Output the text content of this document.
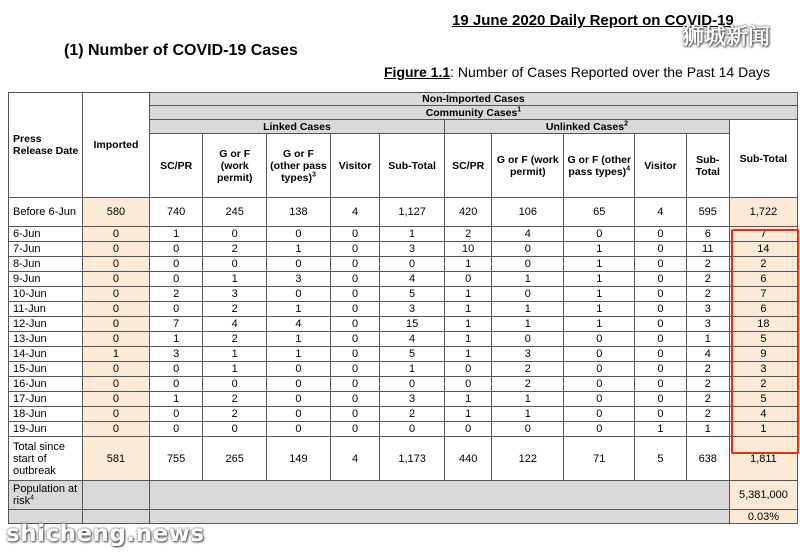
19 June 2020 Daily Report on COVID-19
(1) Number of COVID-19 Cases
Figure 1.1: Number of Cases Reported over the Past 14 Days
Press Release Date	Imported	Non-Imported Cases										
		Community Cases$^1$
		Linked Cases					Unlinked Cases$^2$					Sub-Total
		SC/PR	G or F (work permit)	G or F (other pass types)$^3$	Visitor	Sub-Total	SC/PR	G or F (work permit)	G or F (other pass types)$^4$	Visitor	Sub-Total	
Before 6-Jun	580	740	245	138	4	1,127	420	106	65	4	595	1,722
6-Jun	0	1	0	0	0	1	2	4	0	0	6	7
7-Jun	0	0	2	1	0	3	10	0	1	0	11	14
8-Jun	0	0	0	0	0	0	1	0	1	0	2	2
9-Jun	0	0	1	3	0	4	0	1	1	0	2	6
10-Jun	0	2	3	0	0	5	1	0	1	0	2	7
11-Jun	0	0	2	1	0	3	1	1	1	0	3	6
12-Jun	0	7	4	4	0	15	1	1	1	0	3	18
13-Jun	0	1	2	1	0	4	1	0	0	0	1	5
14-Jun	1	3	1	1	0	5	1	3	0	0	4	9
15-Jun	0	0	1	0	0	1	0	2	0	0	2	3
16-Jun	0	0	0	0	0	0	0	2	0	0	2	2
17-Jun	0	1	2	0	0	3	1	1	0	0	2	5
18-Jun	0	0	2	0	0	2	1	1	0	0	2	4
19-Jun	0	0	0	0	0	0	0	0	0	1	1	1
Total since start of outbreak	581	755	265	149	4	1,173	440	122	71	5	638	1,811
Population at risk$^4$												5,381,000
												0.03%
狮城新闻
shicheng.news
